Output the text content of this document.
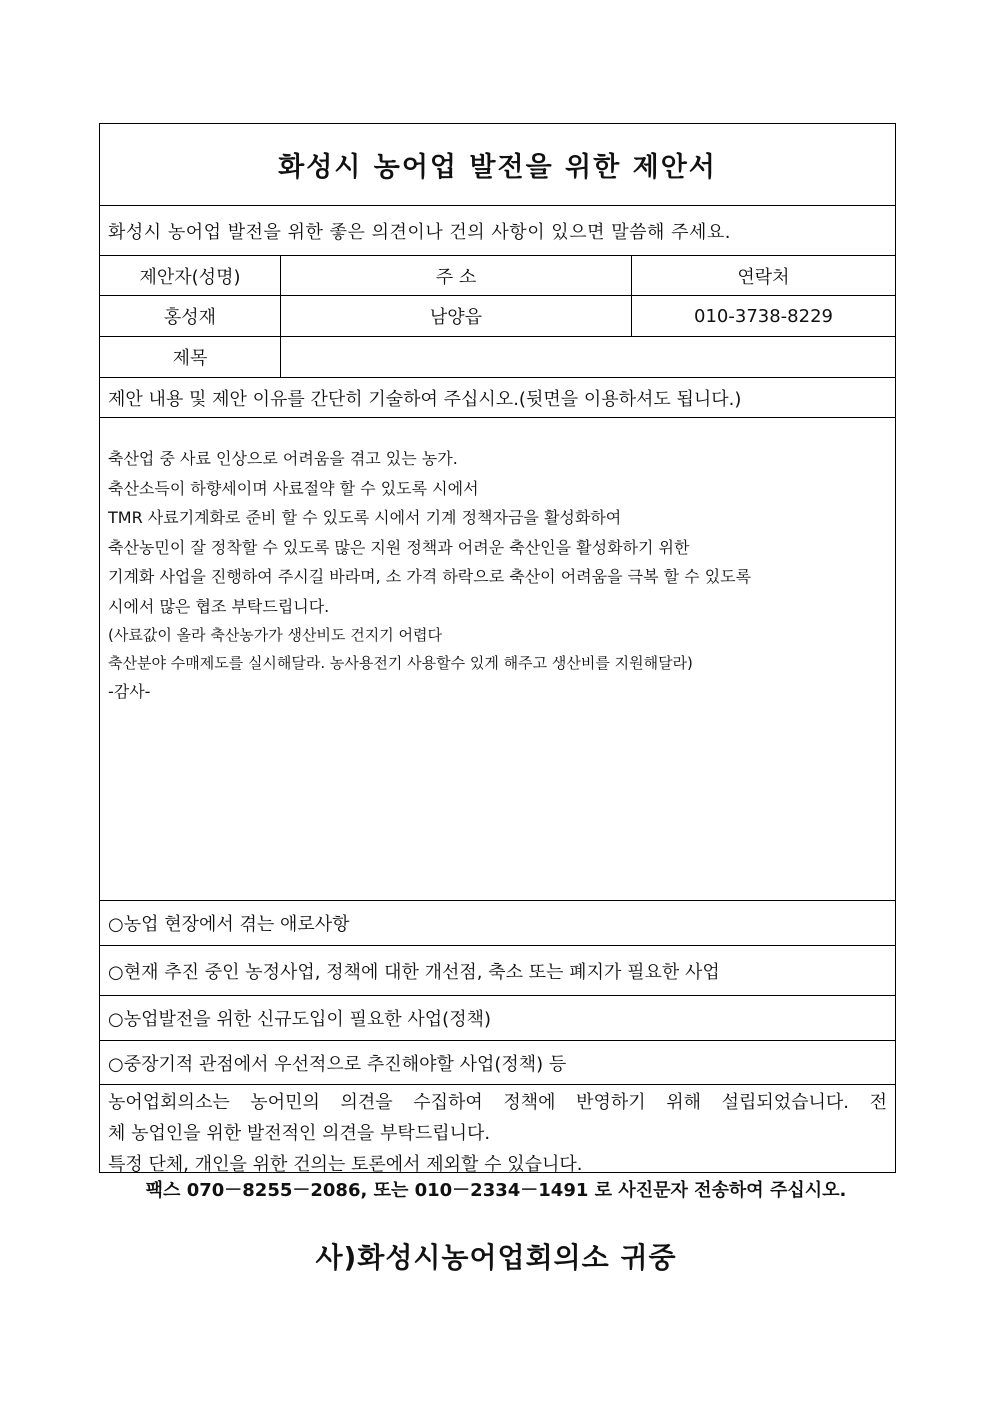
화성시 농어업 발전을 위한 제안서
화성시 농어업 발전을 위한 좋은 의견이나 건의 사항이 있으면 말씀해 주세요.
제안자(성명)	주 소	연락처
홍성재	남양읍	010-3738-8229
제목
제안 내용 및 제안 이유를 간단히 기술하여 주십시오.(뒷면을 이용하셔도 됩니다.)
축산업 중 사료 인상으로 어려움을 겪고 있는 농가.
축산소득이 하향세이며 사료절약 할 수 있도록 시에서
TMR 사료기계화로 준비 할 수 있도록 시에서 기계 정책자금을 활성화하여
축산농민이 잘 정착할 수 있도록 많은 지원 정책과 어려운 축산인을 활성화하기 위한
기계화 사업을 진행하여 주시길 바라며, 소 가격 하락으로 축산이 어려움을 극복 할 수 있도록
시에서 많은 협조 부탁드립니다.
(사료값이 올라 축산농가가 생산비도 건지기 어렵다
축산분야 수매제도를 실시해달라. 농사용전기 사용할수 있게 해주고 생산비를 지원해달라)
-감사-
○농업 현장에서 겪는 애로사항
○현재 추진 중인 농정사업, 정책에 대한 개선점, 축소 또는 폐지가 필요한 사업
○농업발전을 위한 신규도입이 필요한 사업(정책)
○중장기적 관점에서 우선적으로 추진해야할 사업(정책) 등
농어업회의소는 농어민의 의견을 수집하여 정책에 반영하기 위해 설립되었습니다. 전
체 농업인을 위한 발전적인 의견을 부탁드립니다.
특정 단체, 개인을 위한 건의는 토론에서 제외할 수 있습니다.
팩스 070－8255－2086, 또는 010－2334－1491 로 사진문자 전송하여 주십시오.
사)화성시농어업회의소 귀중
